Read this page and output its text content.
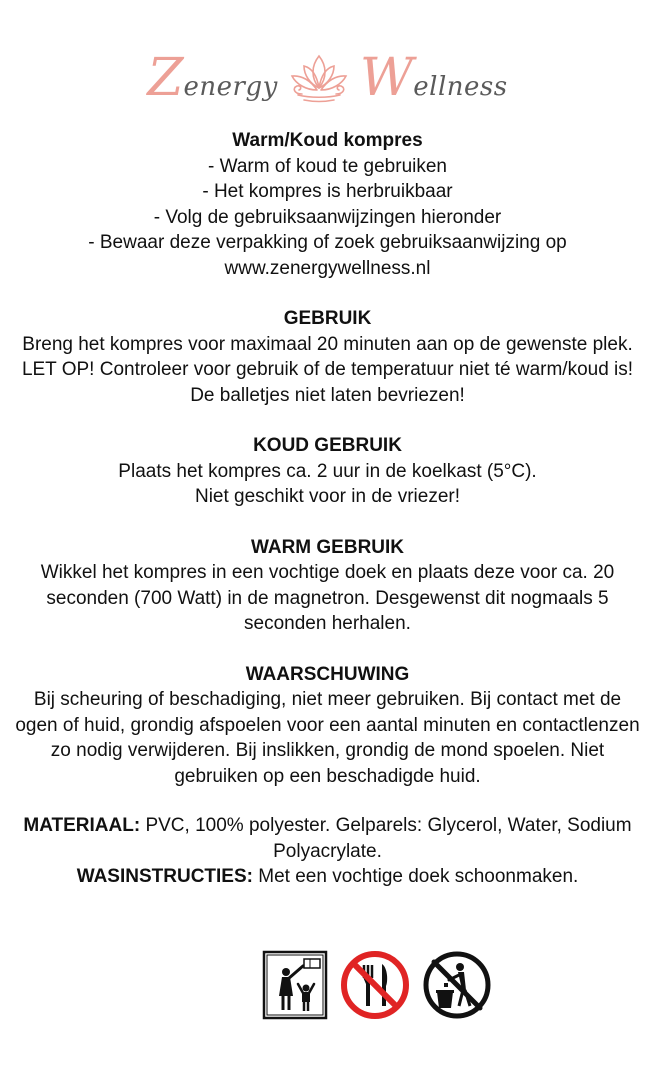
Z energy W ellness

Warm/Koud kompres

- Warm of koud te gebruiken

- Het kompres is herbruikbaar

- Volg de gebruiksaanwijzingen hieronder

- Bewaar deze verpakking of zoek gebruiksaanwijzing op

www.zenergywellness.nl

GEBRUIK

Breng het kompres voor maximaal 20 minuten aan op de gewenste plek. LET OP! Controleer voor gebruik of de temperatuur niet té warm/koud is! De balletjes niet laten bevriezen!

KOUD GEBRUIK

Plaats het kompres ca. 2 uur in de koelkast (5°C).

Niet geschikt voor in de vriezer!

WARM GEBRUIK

Wikkel het kompres in een vochtige doek en plaats deze voor ca. 20 seconden (700 Watt) in de magnetron. Desgewenst dit nogmaals 5 seconden herhalen.

WAARSCHUWING

Bij scheuring of beschadiging, niet meer gebruiken. Bij contact met de ogen of huid, grondig afspoelen voor een aantal minuten en contactlenzen zo nodig verwijderen. Bij inslikken, grondig de mond spoelen. Niet gebruiken op een beschadigde huid.

MATERIAAL: PVC, 100% polyester. Gelparels: Glycerol, Water, Sodium Polyacrylate.

WASINSTRUCTIES: Met een vochtige doek schoonmaken.
